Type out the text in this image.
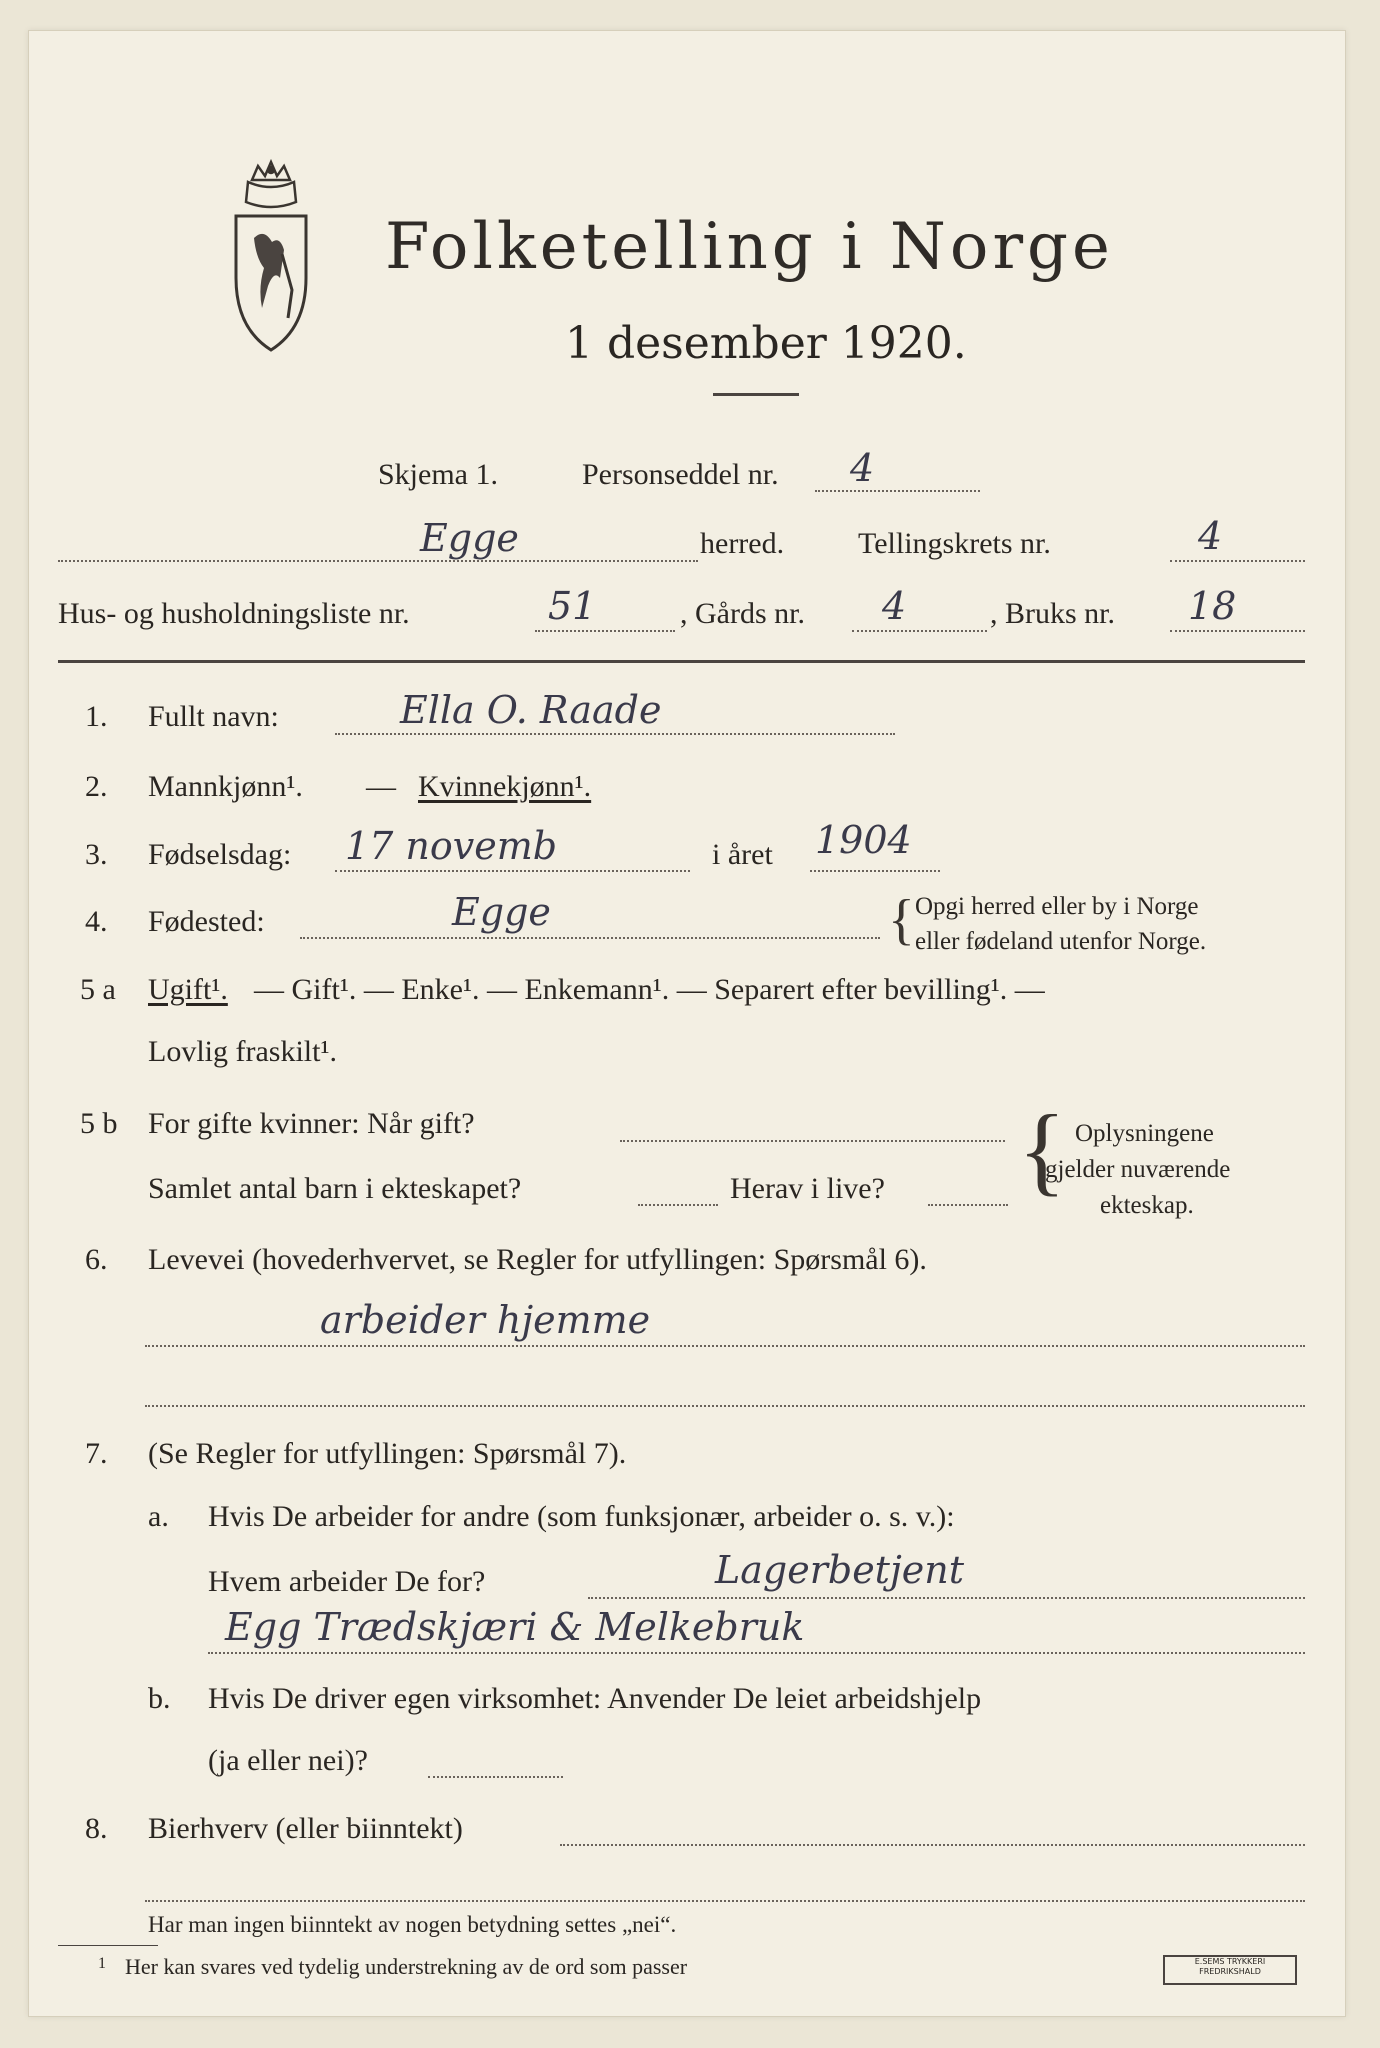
Folketelling i Norge
1 desember 1920.
Skjema 1.	Personseddel nr. 4
Egge	herred. Tellingskrets nr.	4
Hus- og husholdningsliste nr.	51	, Gårds nr. 4	, Bruks nr. 18
1. Fullt navn:	Ella O. Raade
2. Mannkjønn¹. — Kvinnekjønn¹.
3. Fødselsdag: 17 novemb	i året 1904
4. Fødested:	Egge	{ Opgi herred eller by i Norge
eller fødeland utenfor Norge.
5 a Ugift¹. — Gift¹. — Enke¹. — Enkemann¹. — Separert efter bevilling¹. —
Lovlig fraskilt¹.
5 b For gifte kvinner: Når gift?
Samlet antal barn i ekteskapet?	Herav i live? { Oplysningene
gjelder nuværende
ekteskap.
6. Levevei (hovederhvervet, se Regler for utfyllingen: Spørsmål 6).
arbeider hjemme
7. (Se Regler for utfyllingen: Spørsmål 7).
a. Hvis De arbeider for andre (som funksjonær, arbeider o. s. v.):
Hvem arbeider De for?	Lagerbetjent
Egg Trædskjæri & Melkebruk
b. Hvis De driver egen virksomhet: Anvender De leiet arbeidshjelp
(ja eller nei)?
8. Bierhverv (eller biinntekt)
Har man ingen biinntekt av nogen betydning settes „nei“.
1 Her kan svares ved tydelig understrekning av de ord som passer	E.SEMS TRYKKERI FREDRIKSHALD
